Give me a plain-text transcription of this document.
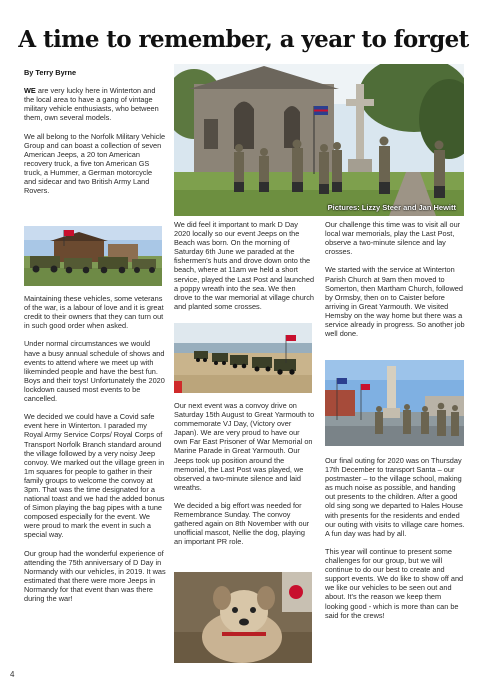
A time to remember, a year to forget
By Terry Byrne

WE are very lucky here in Winterton and the local area to have a gang of vintage military vehicle enthusiasts, who between them, own several models.

We all belong to the Norfolk Military Vehicle Group and can boast a collection of seven American Jeeps, a 20 ton American recovery truck, a five ton American GS truck, a Hummer, a German motorcycle and sidecar and two British Army Land Rovers.

Maintaining these vehicles, some veterans of the war, is a labour of love and it is great credit to their owners that they can turn out in such good order when asked.

Under normal circumstances we would have a busy annual schedule of shows and events to attend where we meet up with likeminded people and have the best fun. Boys and their toys! Unfortunately the 2020 lockdown caused most events to be cancelled.

We decided we could have a Covid safe event here in Winterton. I paraded my Royal Army Service Corps/ Royal Corps of Transport Norfolk Branch standard around the village followed by a very noisy Jeep convoy. We marked out the village green in 1m squares for people to gather in their family groups to welcome the convoy at 3pm. That was the time designated for a national toast and we had the added bonus of Simon playing the bag pipes with a tune composed especially for the event. We were proud to mark the event in such a special way.

Our group had the wonderful experience of attending the 75th anniversary of D Day in Normandy with our vehicles, in 2019. It was estimated that there were more Jeeps in Normandy for that event than was there during the war!

Pictures: Lizzy Steer and Jan Hewitt

We did feel it important to mark D Day 2020 locally so our event Jeeps on the Beach was born. On the morning of Saturday 6th June we paraded at the fishermen's huts and drove down onto the beach, where at 11am we held a short service, played the Last Post and launched a poppy wreath into the sea. We then drove to the war memorial at village church and planted some crosses.

Our next event was a convoy drive on Saturday 15th August to Great Yarmouth to commemorate VJ Day, (Victory over Japan). We are very proud to have our own Far East Prisoner of War Memorial on Marine Parade in Great Yarmouth. Our Jeeps took up position around the memorial, the Last Post was played, we observed a two-minute silence and laid wreaths.

We decided a big effort was needed for Remembrance Sunday. The convoy gathered again on 8th November with our unofficial mascot, Nellie the dog, playing an important PR role.

Our challenge this time was to visit all our local war memorials, play the Last Post, observe a two-minute silence and lay crosses.

We started with the service at Winterton Parish Church at 9am then moved to Somerton, then Martham Church, followed by Ormsby, then on to Caister before arriving in Great Yarmouth. We visited Hemsby on the way home but there was a service already in progress. So another job well done.

Our final outing for 2020 was on Thursday 17th December to transport Santa – our postmaster – to the village school, making as much noise as possible, and handing out presents to the children. After a good old sing song we departed to Hales House with presents for the residents and ended our outing with visits to village care homes. A fun day was had by all.

This year will continue to present some challenges for our group, but we will continue to do our best to create and support events. We do like to show off and we like our vehicles to be seen out and about. It's the reason we keep them looking good - which is more than can be said for the crews!

4
